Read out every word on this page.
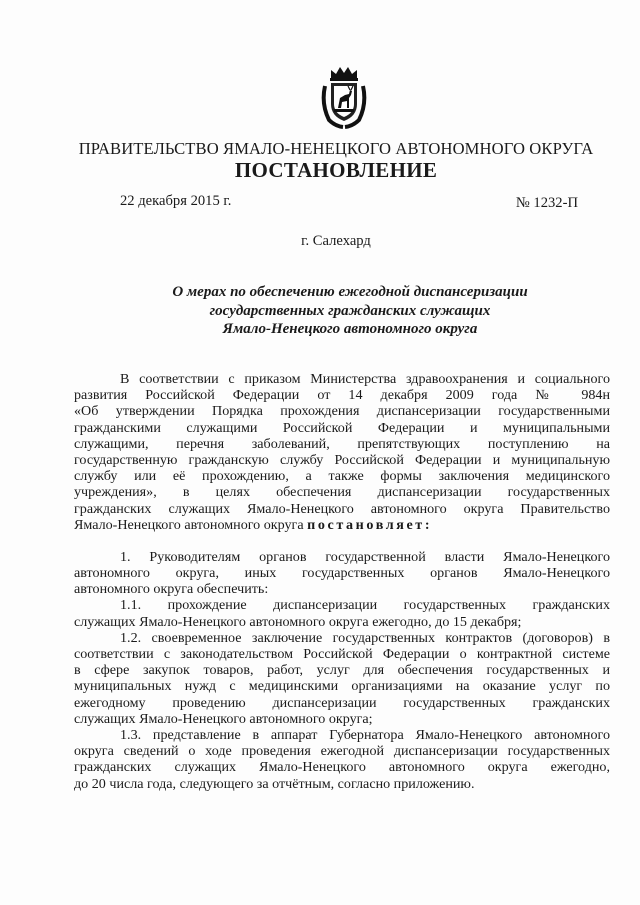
ПРАВИТЕЛЬСТВО ЯМАЛО-НЕНЕЦКОГО АВТОНОМНОГО ОКРУГА
ПОСТАНОВЛЕНИЕ
22 декабря 2015 г.	№ 1232-П
г. Салехард
О мерах по обеспечению ежегодной диспансеризации
государственных гражданских служащих
Ямало-Ненецкого автономного округа
В соответствии с приказом Министерства здравоохранения и социального
развития Российской Федерации от 14 декабря 2009 года № 984н
«Об утверждении Порядка прохождения диспансеризации государственными
гражданскими служащими Российской Федерации и муниципальными
служащими, перечня заболеваний, препятствующих поступлению на
государственную гражданскую службу Российской Федерации и муниципальную
службу или её прохождению, а также формы заключения медицинского
учреждения», в целях обеспечения диспансеризации государственных
гражданских служащих Ямало-Ненецкого автономного округа Правительство
Ямало-Ненецкого автономного округа постановляет:
1. Руководителям органов государственной власти Ямало-Ненецкого
автономного округа, иных государственных органов Ямало-Ненецкого
автономного округа обеспечить:
1.1. прохождение диспансеризации государственных гражданских
служащих Ямало-Ненецкого автономного округа ежегодно, до 15 декабря;
1.2. своевременное заключение государственных контрактов (договоров) в
соответствии с законодательством Российской Федерации о контрактной системе
в сфере закупок товаров, работ, услуг для обеспечения государственных и
муниципальных нужд с медицинскими организациями на оказание услуг по
ежегодному проведению диспансеризации государственных гражданских
служащих Ямало-Ненецкого автономного округа;
1.3. представление в аппарат Губернатора Ямало-Ненецкого автономного
округа сведений о ходе проведения ежегодной диспансеризации государственных
гражданских служащих Ямало-Ненецкого автономного округа ежегодно,
до 20 числа года, следующего за отчётным, согласно приложению.
